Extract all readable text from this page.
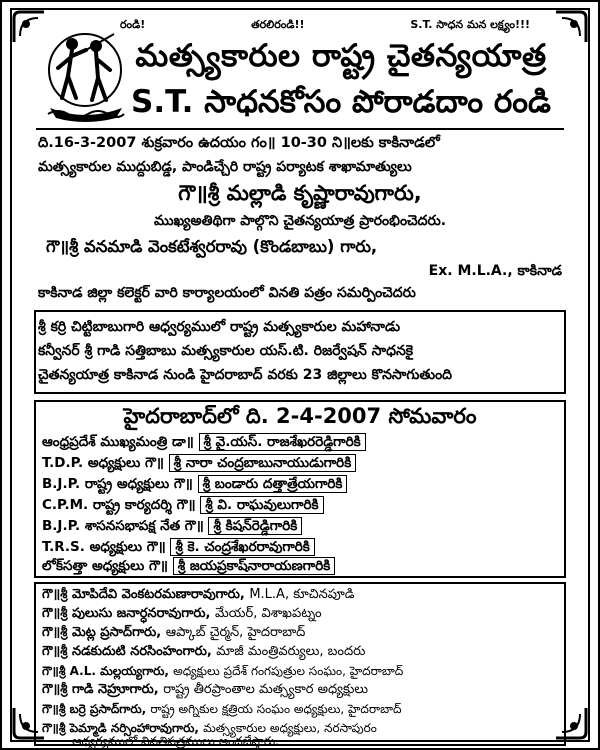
రండి!	తరలిరండి!!	S.T. సాధన మన లక్ష్యం!!!
మత్స్యకారుల రాష్ట్ర చైతన్యయాత్ర
S.T. సాధనకోసం పోరాడదాం రండి
ది.16-3-2007 శుక్రవారం ఉదయం గం॥ 10-30 ని॥లకు కాకినాడలో
మత్స్యకారుల ముద్దుబిడ్డ, పాండిచ్చేరి రాష్ట్ర పర్యాటక శాఖామాత్యులు
గౌ॥శ్రీ మల్లాడి కృష్ణారావుగారు,
ముఖ్యఅతిథిగా పాల్గొని చైతన్యయాత్ర ప్రారంభించెదరు.
గౌ॥శ్రీ వనమాడి వెంకటేశ్వరరావు (కొండబాబు) గారు,
Ex. M.L.A., కాకినాడ
కాకినాడ జిల్లా కలెక్టర్ వారి కార్యాలయంలో వినతి పత్రం సమర్పించెదరు
శ్రీ కర్రి చిట్టిబాబుగారి ఆధ్వర్యములో రాష్ట్ర మత్స్యకారుల మహానాడు
కన్వీనర్ శ్రీ గాడి సత్తిబాబు మత్స్యకారుల యస్.టి. రిజర్వేషన్ సాధనకై
చైతన్యయాత్ర కాకినాడ నుండి హైదరాబాద్ వరకు 23 జిల్లాలు కొనసాగుతుంది
హైదరాబాద్‌లో ది. 2-4-2007 సోమవారం
ఆంధ్రప్రదేశ్ ముఖ్యమంత్రి డా॥ శ్రీ వై.యస్. రాజశేఖరరెడ్డిగారికి
T.D.P. అధ్యక్షులు గౌ॥ శ్రీ నారా చంద్రబాబునాయుడుగారికి
B.J.P. రాష్ట్ర అధ్యక్షులు గౌ॥ శ్రీ బండారు దత్తాత్రేయగారికి
C.P.M. రాష్ట్ర కార్యదర్శి గౌ॥ శ్రీ వి. రాఘవులుగారికి
B.J.P. శాసనసభాపక్ష నేత గౌ॥ శ్రీ కిషన్‌రెడ్డిగారికి
T.R.S. అధ్యక్షులు గౌ॥ శ్రీ కె. చంద్రశేఖరరావుగారికి
లోక్‌సత్తా అధ్యక్షులు గౌ॥ శ్రీ జయప్రకాష్‌నారాయణగారికి
గౌ॥శ్రీ మోపిదేవి వెంకటరమణారావుగారు, M.L.A, కూచినపూడి
గౌ॥శ్రీ పులుసు జనార్ధనరావుగారు, మేయర్, విశాఖపట్నం
గౌ॥శ్రీ మెట్ల ప్రసాద్‌గారు, ఆప్కాబ్ చైర్మన్, హైదరాబాద్
గౌ॥శ్రీ నడకుదుటి నరసింహంగారు, మాజీ మంత్రివర్యులు, బందరు
గౌ॥శ్రీ A.L. మల్లయ్యగారు, అధ్యక్షులు ప్రదేశ్ గంగపుత్రుల సంఘం, హైదరాబాద్
గౌ॥శ్రీ గాడి నెహ్రూగారు, రాష్ట్ర తీరప్రాంతాల మత్స్యకార అధ్యక్షులు
గౌ॥శ్రీ బర్రె ప్రసాద్‌గారు, రాష్ట్ర అగ్నికుల క్షత్రియ సంఘం అధ్యక్షులు, హైదరాబాద్
గౌ॥శ్రీ పెమ్మాడి నర్సింహారావుగారు, మత్స్యకారుల అధ్యక్షులు, నరసాపురం
ఆధ్వర్యములో వినతిపత్రములు అందజేస్తారు.
